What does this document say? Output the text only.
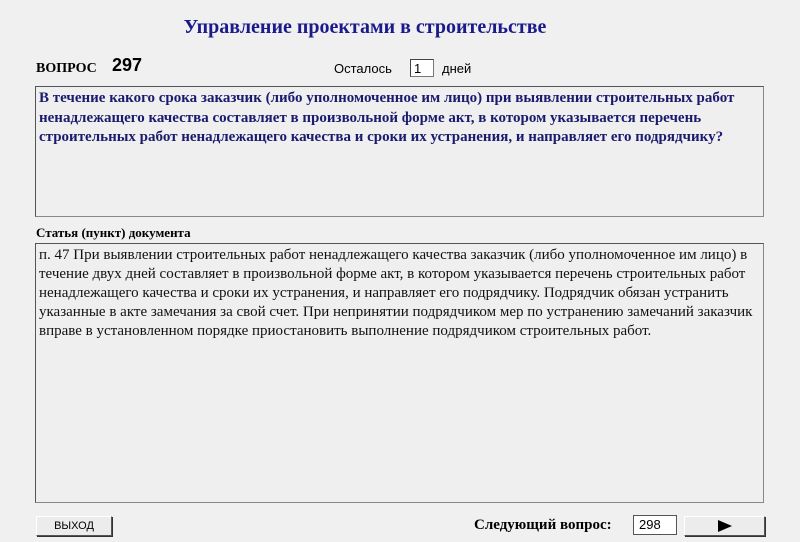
Управление проектами в строительстве
ВОПРОС 297	Осталось	1	дней
В течение какого срока заказчик (либо уполномоченное им лицо) при выявлении строительных работ ненадлежащего качества составляет в произвольной форме акт, в котором указывается перечень строительных работ ненадлежащего качества и сроки их устранения, и направляет его подрядчику?
Статья (пункт) документа
п. 47 При выявлении строительных работ ненадлежащего качества заказчик (либо уполномоченное им лицо) в течение двух дней составляет в произвольной форме акт, в котором указывается перечень строительных работ ненадлежащего качества и сроки их устранения, и направляет его подрядчику. Подрядчик обязан устранить указанные в акте замечания за свой счет. При непринятии подрядчиком мер по устранению замечаний заказчик вправе в установленном порядке приостановить выполнение подрядчиком строительных работ.
ВЫХОД	Следующий вопрос:	298
